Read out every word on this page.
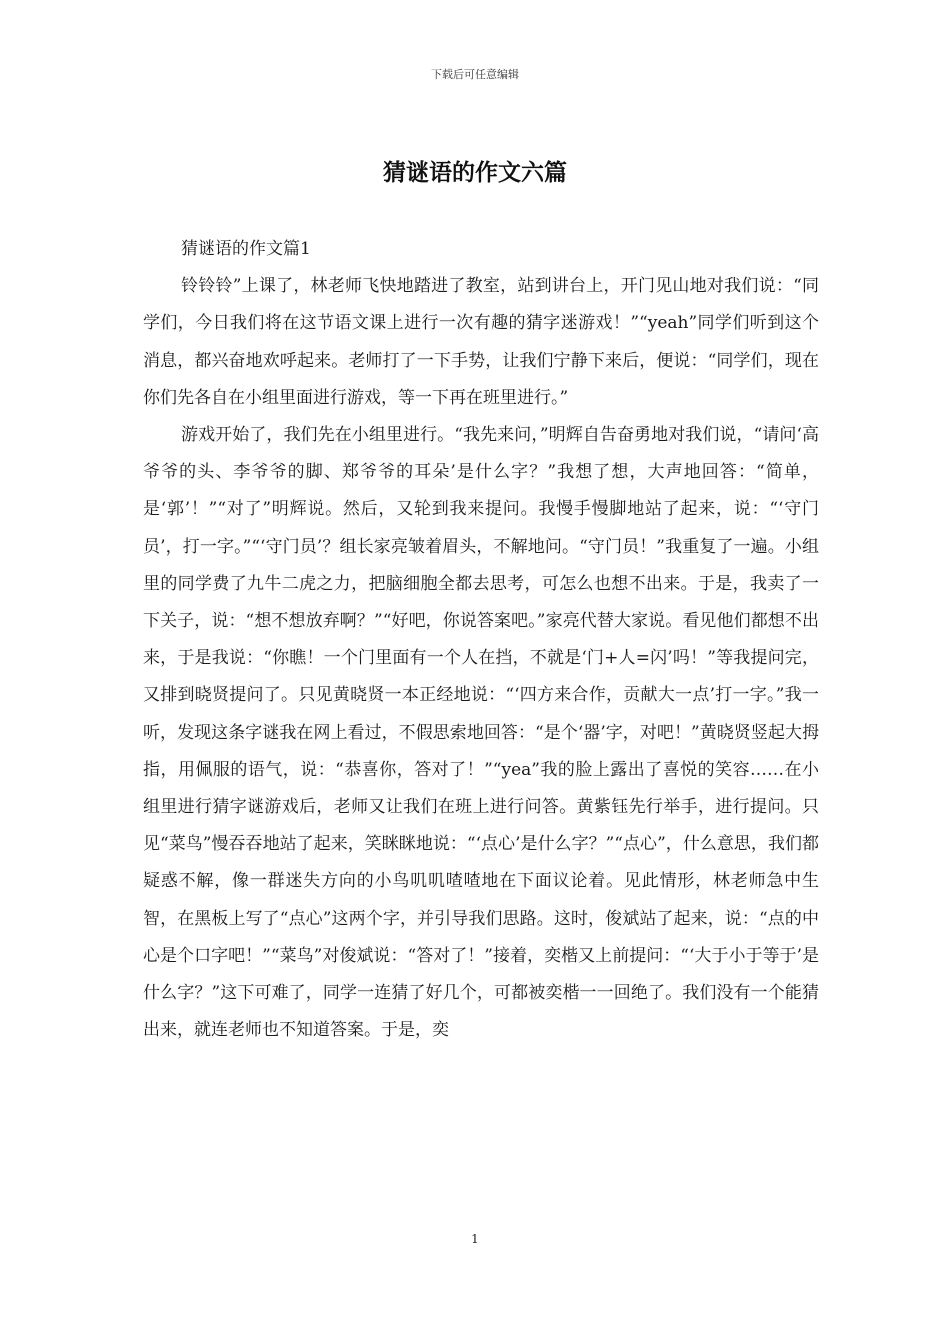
下载后可任意编辑
猜谜语的作文六篇

猜谜语的作文篇1

铃铃铃”上课了，林老师飞快地踏进了教室，站到讲台上，开门见山地对我们说：“同学们，今日我们将在这节语文课上进行一次有趣的猜字迷游戏！”“yeah”同学们听到这个消息，都兴奋地欢呼起来。老师打了一下手势，让我们宁静下来后，便说：“同学们，现在你们先各自在小组里面进行游戏，等一下再在班里进行。”

游戏开始了，我们先在小组里进行。“我先来问，”明辉自告奋勇地对我们说，“请问‘高爷爷的头、李爷爷的脚、郑爷爷的耳朵’是什么字？”我想了想，大声地回答：“简单，是‘郭’！”“对了”明辉说。然后，又轮到我来提问。我慢手慢脚地站了起来，说：“‘守门员’，打一字。”“‘守门员’？组长家亮皱着眉头，不解地问。“守门员！”我重复了一遍。小组里的同学费了九牛二虎之力，把脑细胞全都去思考，可怎么也想不出来。于是，我卖了一下关子，说：“想不想放弃啊？”“好吧，你说答案吧。”家亮代替大家说。看见他们都想不出来，于是我说：“你瞧！一个门里面有一个人在挡，不就是‘门+人=闪’吗！”等我提问完，又排到晓贤提问了。只见黄晓贤一本正经地说：“‘四方来合作，贡献大一点’打一字。”我一听，发现这条字谜我在网上看过，不假思索地回答：“是个‘器’字，对吧！”黄晓贤竖起大拇指，用佩服的语气，说：“恭喜你，答对了！”“yea”我的脸上露出了喜悦的笑容……在小组里进行猜字谜游戏后，老师又让我们在班上进行问答。黄紫钰先行举手，进行提问。只见“菜鸟”慢吞吞地站了起来，笑眯眯地说：“‘点心’是什么字？”“点心”，什么意思，我们都疑惑不解，像一群迷失方向的小鸟叽叽喳喳地在下面议论着。见此情形，林老师急中生智，在黑板上写了“点心”这两个字，并引导我们思路。这时，俊斌站了起来，说：“点的中心是个口字吧！”“菜鸟”对俊斌说：“答对了！”接着，奕楷又上前提问：“‘大于小于等于’是什么字？”这下可难了，同学一连猜了好几个，可都被奕楷一一回绝了。我们没有一个能猜出来，就连老师也不知道答案。于是，奕

1
